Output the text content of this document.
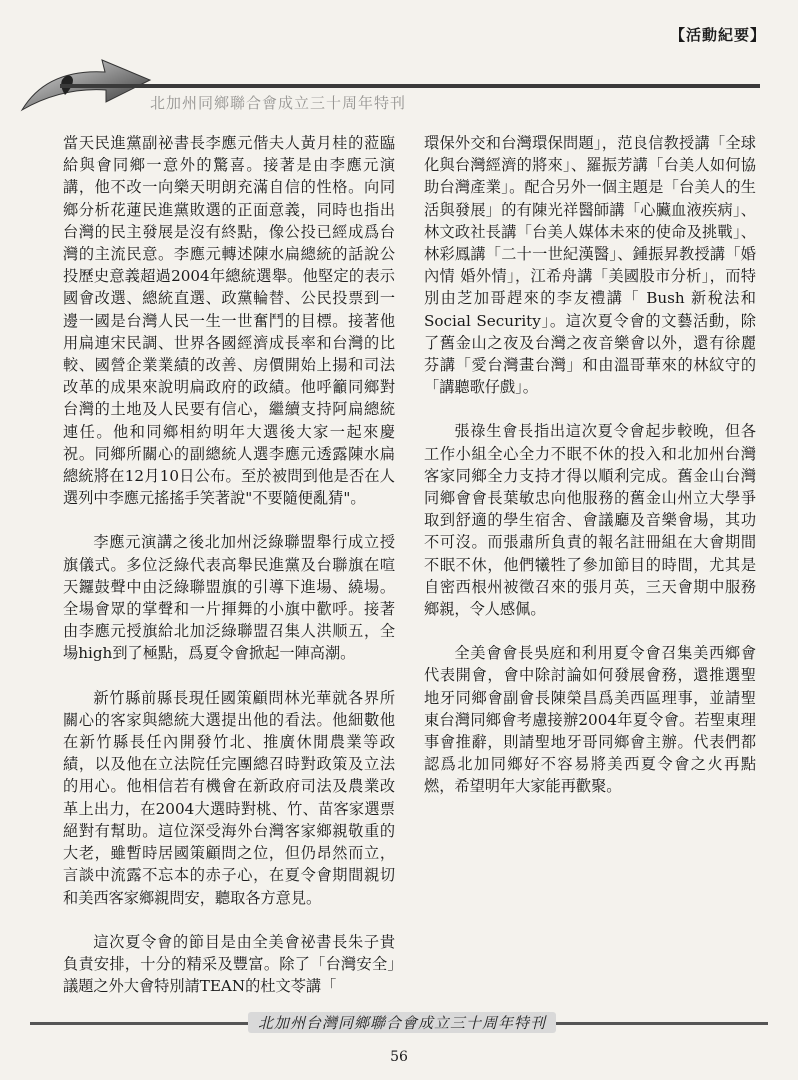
【活動紀要】
北加州同鄉聯合會成立三十周年特刊

當天民進黨副祕書長李應元偕夫人黃月桂的蒞臨給與會同鄉一意外的驚喜。接著是由李應元演講，他不改一向樂天明朗充滿自信的性格。向同鄉分析花蓮民進黨敗選的正面意義，同時也指出台灣的民主發展是沒有終點，像公投已經成爲台灣的主流民意。李應元轉述陳水扁總統的話說公投歷史意義超過2004年總統選舉。他堅定的表示國會改選、總統直選、政黨輪替、公民投票到一邊一國是台灣人民一生一世奮鬥的目標。接著他用扁連宋民調、世界各國經濟成長率和台灣的比較、國營企業業績的改善、房價開始上揚和司法改革的成果來說明扁政府的政績。他呼籲同鄉對台灣的土地及人民要有信心，繼續支持阿扁總統連任。他和同鄉相約明年大選後大家一起來慶祝。同鄉所關心的副總統人選李應元透露陳水扁總統將在12月10日公布。至於被問到他是否在人選列中李應元搖搖手笑著說"不要隨便亂猜"。

李應元演講之後北加州泛綠聯盟舉行成立授旗儀式。多位泛綠代表高舉民進黨及台聯旗在喧天鑼鼓聲中由泛綠聯盟旗的引導下進場、繞場。全場會眾的掌聲和一片揮舞的小旗中歡呼。接著由李應元授旗給北加泛綠聯盟召集人洪顺五，全場high到了極點，爲夏令會掀起一陣高潮。

新竹縣前縣長現任國策顧問林光華就各界所關心的客家與總統大選提出他的看法。他細數他在新竹縣長任內開發竹北、推廣休閒農業等政績，以及他在立法院任完團總召時對政策及立法的用心。他相信若有機會在新政府司法及農業改革上出力，在2004大選時對桃、竹、苗客家選票絕對有幫助。這位深受海外台灣客家鄉親敬重的大老，雖暫時居國策顧問之位，但仍昂然而立，言談中流露不忘本的赤子心，在夏令會期間親切和美西客家鄉親問安，聽取各方意見。

這次夏令會的節目是由全美會祕書長朱子貴負責安排，十分的精采及豐富。除了「台灣安全」議題之外大會特別請TEAN的杜文苓講「

環保外交和台灣環保問題」，范良信教授講「全球化與台灣經濟的將來」、羅振芳講「台美人如何協助台灣產業」。配合另外一個主題是「台美人的生活與發展」的有陳光祥醫師講「心臟血液疾病」、林文政社長講「台美人媒体未來的使命及挑戰」、林彩鳳講「二十一世紀漢醫」、鍾振昇教授講「婚內情 婚外情」，江希舟講「美國股市分析」，而特別由芝加哥趕來的李友禮講「 Bush 新稅法和 Social Security」。這次夏令會的文藝活動，除了舊金山之夜及台灣之夜音樂會以外，還有徐麗芬講「愛台灣畫台灣」和由溫哥華來的林紋守的「講聽歌仔戲」。

張祿生會長指出這次夏令會起步較晚，但各工作小組全心全力不眠不休的投入和北加州台灣客家同鄉全力支持才得以順利完成。舊金山台灣同鄉會會長葉敏忠向他服務的舊金山州立大學爭取到舒適的學生宿舍、會議廳及音樂會場，其功不可沒。而張肅所負責的報名註冊組在大會期間不眠不休，他們犧牲了參加節目的時間，尤其是自密西根州被徵召來的張月英，三天會期中服務鄉親，令人感佩。

全美會會長吳庭和利用夏令會召集美西鄉會代表開會，會中除討論如何發展會務，還推選聖地牙同鄉會副會長陳榮昌爲美西區理事，並請聖東台灣同鄉會考慮接辦2004年夏令會。若聖東理事會推辭，則請聖地牙哥同鄉會主辦。代表們都認爲北加同鄉好不容易將美西夏令會之火再點燃，希望明年大家能再歡聚。

北加州台灣同鄉聯合會成立三十周年特刊
56
